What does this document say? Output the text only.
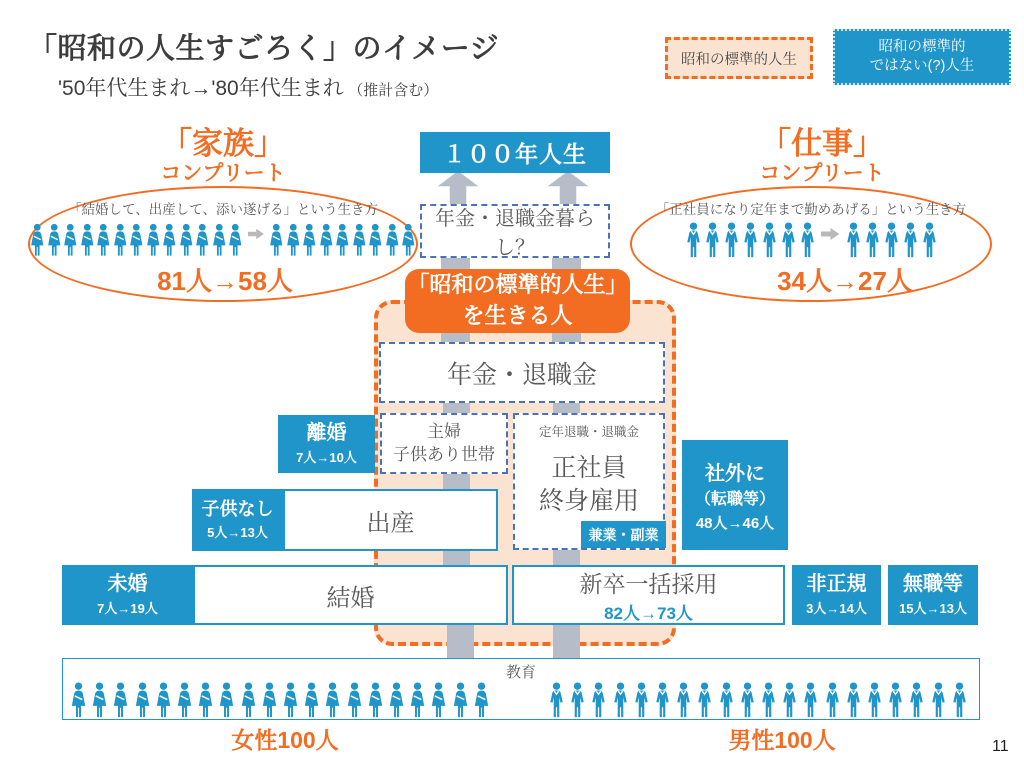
「昭和の人生すごろく」のイメージ
'50年代生まれ→'80年代生まれ （推計含む）
昭和の標準的人生
昭和の標準的
ではない(?)人生
「家族」
コンプリート
「結婚して、出産して、添い遂げる」という生き方
81人→58人
「仕事」
コンプリート
「正社員になり定年まで勤めあげる」という生き方
34人→27人
１００年人生
年金・退職金暮らし？
「昭和の標準的人生」
を生きる人
年金・退職金
主婦
子供あり世帯
定年退職・退職金
正社員
終身雇用
兼業・副業
離婚
7人→10人
子供なし
5人→13人	出産
未婚
7人→19人	結婚
新卒一括採用
82人→73人
社外に
（転職等）
48人→46人
非正規
3人→14人
無職等
15人→13人
教育
女性100人	男性100人	11
